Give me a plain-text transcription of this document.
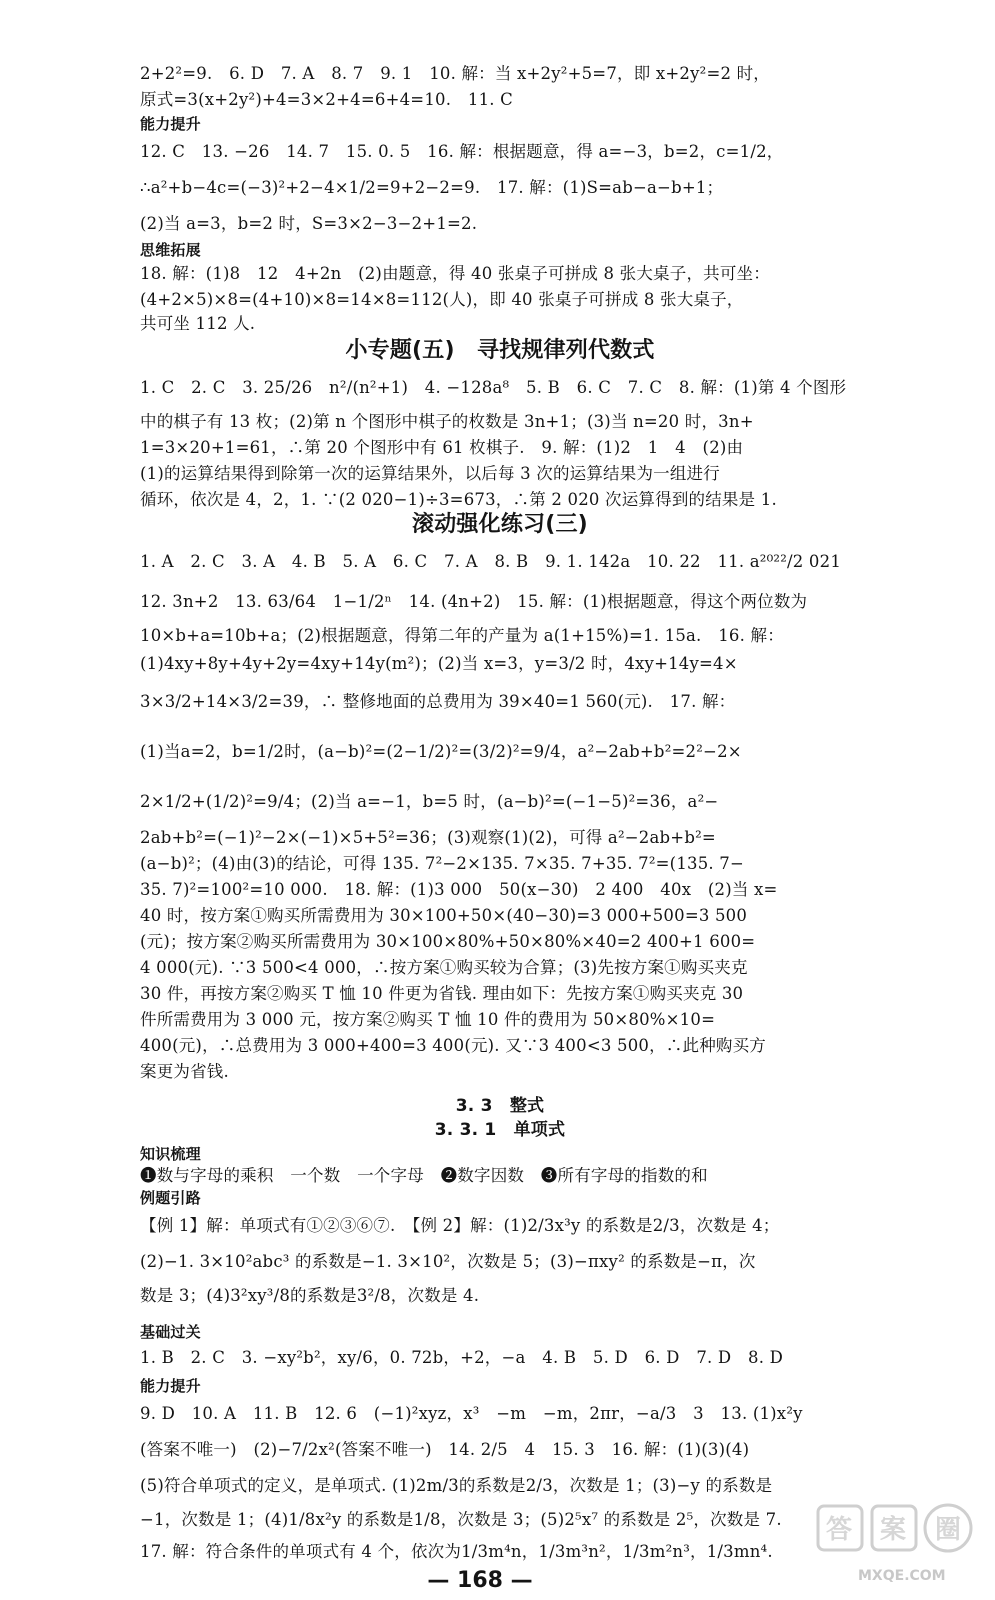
2+2²=9.　6. D　7. A　8. 7　9. 1　10. 解：当 x+2y²+5=7，即 x+2y²=2 时，
原式=3(x+2y²)+4=3×2+4=6+4=10.　11. C
能力提升
12. C　13. −26　14. 7　15. 0. 5　16. 解：根据题意，得 a=−3，b=2，c=1/2，
∴a²+b−4c=(−3)²+2−4×1/2=9+2−2=9.　17. 解：(1)S=ab−a−b+1；
(2)当 a=3，b=2 时，S=3×2−3−2+1=2.
思维拓展
18. 解：(1)8　12　4+2n　(2)由题意，得 40 张桌子可拼成 8 张大桌子，共可坐：
(4+2×5)×8=(4+10)×8=14×8=112(人)，即 40 张桌子可拼成 8 张大桌子，
共可坐 112 人.
小专题(五)　寻找规律列代数式
1. C　2. C　3. 25/26　n²/(n²+1)　4. −128a⁸　5. B　6. C　7. C　8. 解：(1)第 4 个图形
中的棋子有 13 枚；(2)第 n 个图形中棋子的枚数是 3n+1；(3)当 n=20 时，3n+
1=3×20+1=61，∴第 20 个图形中有 61 枚棋子.　9. 解：(1)2　1　4　(2)由
(1)的运算结果得到除第一次的运算结果外，以后每 3 次的运算结果为一组进行
循环，依次是 4，2，1. ∵(2 020−1)÷3=673，∴第 2 020 次运算得到的结果是 1.
滚动强化练习(三)
1. A　2. C　3. A　4. B　5. A　6. C　7. A　8. B　9. 1. 142a　10. 22　11. a²⁰²²/2 021
12. 3n+2　13. 63/64　1−1/2ⁿ　14. (4n+2)　15. 解：(1)根据题意，得这个两位数为
10×b+a=10b+a；(2)根据题意，得第二年的产量为 a(1+15%)=1. 15a.　16. 解：
(1)4xy+8y+4y+2y=4xy+14y(m²)；(2)当 x=3，y=3/2 时，4xy+14y=4×
3×3/2+14×3/2=39，∴ 整修地面的总费用为 39×40=1 560(元).　17. 解：
(1)当a=2，b=1/2时，(a−b)²=(2−1/2)²=(3/2)²=9/4，a²−2ab+b²=2²−2×
2×1/2+(1/2)²=9/4；(2)当 a=−1，b=5 时，(a−b)²=(−1−5)²=36，a²−
2ab+b²=(−1)²−2×(−1)×5+5²=36；(3)观察(1)(2)，可得 a²−2ab+b²=
(a−b)²；(4)由(3)的结论，可得 135. 7²−2×135. 7×35. 7+35. 7²=(135. 7−
35. 7)²=100²=10 000.　18. 解：(1)3 000　50(x−30)　2 400　40x　(2)当 x=
40 时，按方案①购买所需费用为 30×100+50×(40−30)=3 000+500=3 500
(元)；按方案②购买所需费用为 30×100×80%+50×80%×40=2 400+1 600=
4 000(元). ∵3 500<4 000，∴按方案①购买较为合算；(3)先按方案①购买夹克
30 件，再按方案②购买 T 恤 10 件更为省钱. 理由如下：先按方案①购买夹克 30
件所需费用为 3 000 元，按方案②购买 T 恤 10 件的费用为 50×80%×10=
400(元)，∴总费用为 3 000+400=3 400(元). 又∵3 400<3 500，∴此种购买方
案更为省钱.
3. 3　整式
3. 3. 1　单项式
知识梳理
❶数与字母的乘积　一个数　一个字母　❷数字因数　❸所有字母的指数的和
例题引路
【例 1】解：单项式有①②③⑥⑦.　【例 2】解：(1)2/3x³y 的系数是2/3，次数是 4；
(2)−1. 3×10²abc³ 的系数是−1. 3×10²，次数是 5；(3)−πxy² 的系数是−π，次
数是 3；(4)3²xy³/8的系数是3²/8，次数是 4.
基础过关
1. B　2. C　3. −xy²b²，xy/6，0. 72b，+2，−a　4. B　5. D　6. D　7. D　8. D
能力提升
9. D　10. A　11. B　12. 6　(−1)²xyz，x³　−m　−m，2πr，−a/3　3　13. (1)x²y
(答案不唯一)　(2)−7/2x²(答案不唯一)　14. 2/5　4　15. 3　16. 解：(1)(3)(4)
(5)符合单项式的定义，是单项式. (1)2m/3的系数是2/3，次数是 1；(3)−y 的系数是
−1，次数是 1；(4)1/8x²y 的系数是1/8，次数是 3；(5)2⁵x⁷ 的系数是 2⁵，次数是 7.
17. 解：符合条件的单项式有 4 个，依次为1/3m⁴n，1/3m³n²，1/3m²n³，1/3mn⁴.
— 168 —
答 案 圈
MXQE.COM
